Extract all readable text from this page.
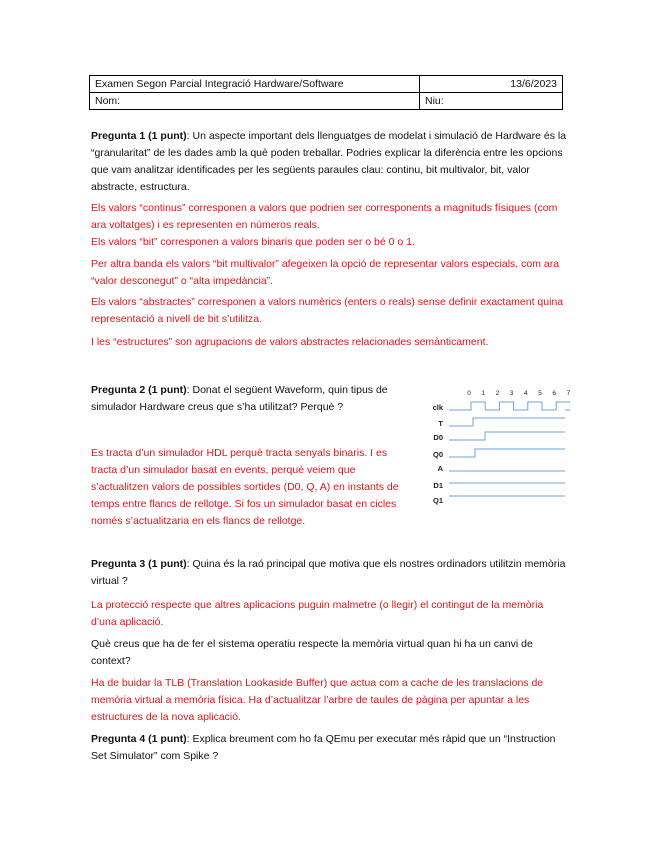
Examen Segon Parcial Integració Hardware/Software	13/6/2023
Nom:	Niu:

Pregunta 1 (1 punt): Un aspecte important dels llenguatges de modelat i simulació de Hardware és la “granularitat” de les dades amb la què poden treballar. Podries explicar la diferència entre les opcions que vam analitzar identificades per les següents paraules clau: continu, bit multivalor, bit, valor abstracte, estructura.

Els valors “continus” corresponen a valors que podrien ser corresponents a magnituds físiques (com ara voltatges) i es representen en números reals.
Els valors “bit” corresponen a valors binaris que poden ser o bé 0 o 1.

Per altra banda els valors “bit multivalor” afegeixen la opció de representar valors especials, com ara “valor desconegut” o “alta impedància”.

Els valors “abstractes” corresponen a valors numèrics (enters o reals) sense definir exactament quina representació a nivell de bit s’utilitza.

I les “estructures” son agrupacions de valors abstractes relacionades semànticament.

Pregunta 2 (1 punt): Donat el següent Waveform, quin tipus de
simulador Hardware creus que s’ha utilitzat? Perquè ?

Es tracta d’un simulador HDL perquè tracta senyals binaris. I es
tracta d’un simulador basat en events, perquè veiem que
s’actualitzen valors de possibles sortides (D0, Q, A) en instants de
temps entre flancs de rellotge. Si fos un simulador basat en cicles
només s’actualitzaria en els flancs de rellotge.

0 1 2 3 4 5 6 7
clk
T
D0
Q0
A
D1
Q1

Pregunta 3 (1 punt): Quina és la raó principal que motiva que els nostres ordinadors utilitzin memòria virtual ?

La protecció respecte que altres aplicacions puguin malmetre (o llegir) el contingut de la memòria d’una aplicació.

Què creus que ha de fer el sistema operatiu respecte la memòria virtual quan hi ha un canvi de context?

Ha de buidar la TLB (Translation Lookaside Buffer) que actua com a cache de les translacions de memòria virtual a memòria física. Ha d’actualitzar l’arbre de taules de pàgina per apuntar a les estructures de la nova aplicació.

Pregunta 4 (1 punt): Explica breument com ho fa QEmu per executar més ràpid que un “Instruction Set Simulator” com Spike ?
